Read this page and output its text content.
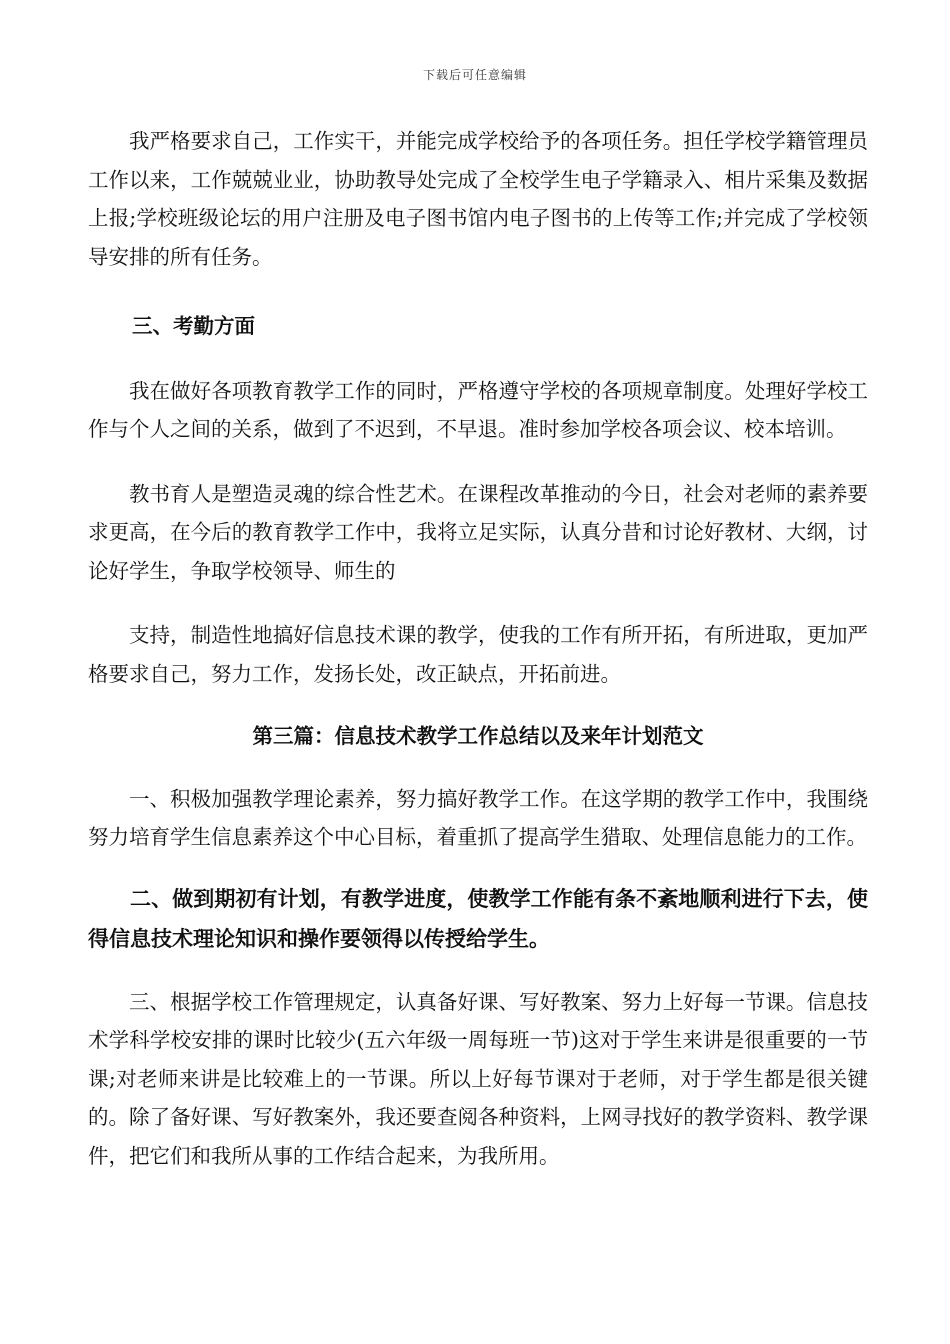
下载后可任意编辑

我严格要求自己，工作实干，并能完成学校给予的各项任务。担任学校学籍管理员工作以来，工作兢兢业业，协助教导处完成了全校学生电子学籍录入、相片采集及数据上报;学校班级论坛的用户注册及电子图书馆内电子图书的上传等工作;并完成了学校领导安排的所有任务。

三、考勤方面

我在做好各项教育教学工作的同时，严格遵守学校的各项规章制度。处理好学校工作与个人之间的关系，做到了不迟到，不早退。准时参加学校各项会议、校本培训。

教书育人是塑造灵魂的综合性艺术。在课程改革推动的今日，社会对老师的素养要求更高，在今后的教育教学工作中，我将立足实际，认真分昔和讨论好教材、大纲，讨论好学生，争取学校领导、师生的

支持，制造性地搞好信息技术课的教学，使我的工作有所开拓，有所进取，更加严格要求自己，努力工作，发扬长处，改正缺点，开拓前进。

第三篇：信息技术教学工作总结以及来年计划范文

一、积极加强教学理论素养，努力搞好教学工作。在这学期的教学工作中，我围绕努力培育学生信息素养这个中心目标，着重抓了提高学生猎取、处理信息能力的工作。

二、做到期初有计划，有教学进度，使教学工作能有条不紊地顺利进行下去，使得信息技术理论知识和操作要领得以传授给学生。

三、根据学校工作管理规定，认真备好课、写好教案、努力上好每一节课。信息技术学科学校安排的课时比较少(五六年级一周每班一节)这对于学生来讲是很重要的一节课;对老师来讲是比较难上的一节课。所以上好每节课对于老师，对于学生都是很关键的。除了备好课、写好教案外，我还要查阅各种资料，上网寻找好的教学资料、教学课件，把它们和我所从事的工作结合起来，为我所用。
